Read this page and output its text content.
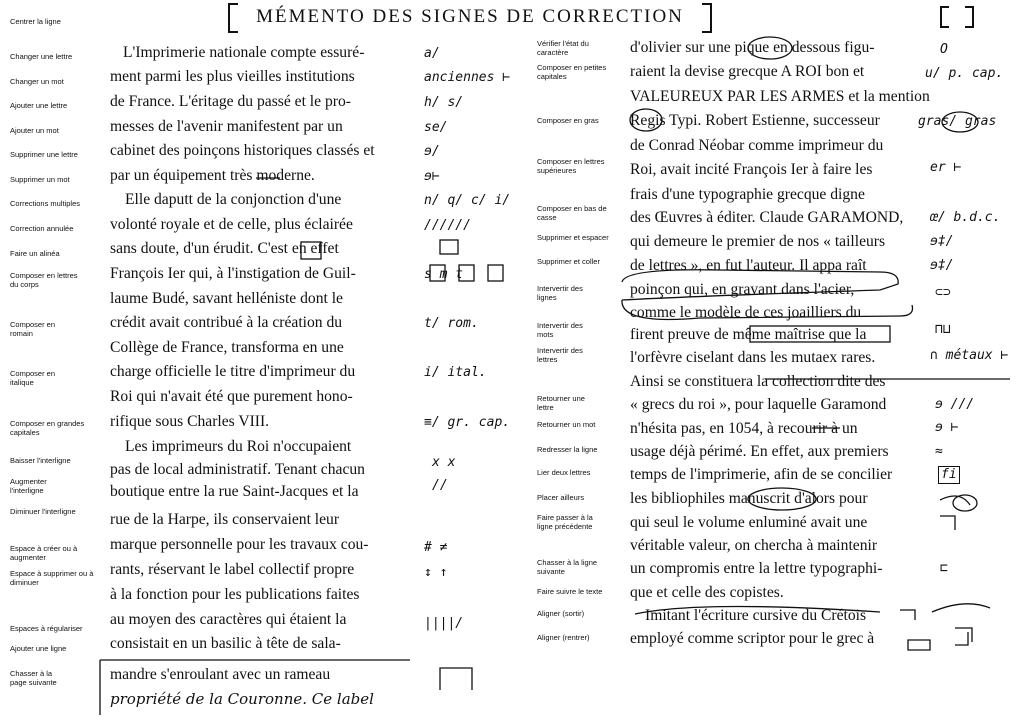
MÉMENTO DES SIGNES DE CORRECTION
Centrer la ligne
Changer une lettre
Changer un mot
Ajouter une lettre
Ajouter un mot
Supprimer une lettre
Supprimer un mot
Corrections multiples
Correction annulée
Faire un alinéa
Composer en lettres du corps
Composer en romain
Composer en italique
Composer en grandes capitales
Baisser l'interligne
Augmenter l'interligne
Diminuer l'interligne
Espace à créer ou à augmenter
Espace à supprimer ou à diminuer
Espaces à régulariser
Ajouter une ligne
Chasser à la page suivante
L'Imprimerie nationale compte essuré-
ment parmi les plus vieilles institutions
de France. L'éritage du passé et le pro-
messes de l'avenir manifestent par un
cabinet des poinçons historiques classés et
par un équipement très moderne.
Elle daputt de la conjonction d'une
volonté royale et de celle, plus éclairée
sans doute, d'un érudit. C'est en effet
François Ier qui, à l'instigation de Guil-
laume Budé, savant helléniste dont le
crédit avait contribué à la création du
Collège de France, transforma en une
charge officielle le titre d'imprimeur du
Roi qui n'avait été que purement hono-
rifique sous Charles VIII.
Les imprimeurs du Roi n'occupaient
pas de local administratif. Tenant chacun
boutique entre la rue Saint-Jacques et la
rue de la Harpe, ils conservaient leur
marque personnelle pour les travaux cou-
rants, réservant le label collectif propre
à la fonction pour les publications faites
au moyen des caractères qui étaient la
consistait en un basilic à tête de sala-
mandre s'enroulant avec un rameau
propriété de la Couronne. Ce label
a/
anciennes ⊢
h/ s/
se/
ɘ/
ɘ⊢
n/ q/ c/ i/
//////
s m t
t/ rom.
i/ ital.
≡/ gr. cap.
x x
//
# ≠
↕ ↑
||||/
Vérifier l'état du caractère
Composer en petites capitales
Composer en gras
Composer en lettres supérieures
Composer en bas de casse
Supprimer et espacer
Supprimer et coller
Intervertir des lignes
Intervertir des mots
Intervertir des lettres
Retourner une lettre
Retourner un mot
Redresser la ligne
Lier deux lettres
Placer ailleurs
Faire passer à la ligne précédente
Chasser à la ligne suivante
Faire suivre le texte
Aligner (sortir)
Aligner (rentrer)
d'olivier sur une pique en dessous figu-
raient la devise grecque A ROI bon et
VALEUREUX PAR LES ARMES et la mention
Regis Typi. Robert Estienne, successeur
de Conrad Néobar comme imprimeur du
Roi, avait incité François Ier à faire les
frais d'une typographie grecque digne
des Œuvres à éditer. Claude GARAMOND,
qui demeure le premier de nos « tailleurs
de lettres », en fut l'auteur. Il appa raît
poinçon qui, en gravant dans l'acier,
comme le modèle de ces joailliers du
firent preuve de même maîtrise que la
l'orfèvre ciselant dans les mutaex rares.
Ainsi se constituera la collection dite des
« grecs du roi », pour laquelle Garamond
n'hésita pas, en 1054, à recourir à un
usage déjà périmé. En effet, aux premiers
temps de l'imprimerie, afin de se concilier
les bibliophiles manuscrit d'alors pour
qui seul le volume enluminé avait une
véritable valeur, on chercha à maintenir
un compromis entre la lettre typographi-
que et celle des copistes.
Imitant l'écriture cursive du Crétois
employé comme scriptor pour le grec à
O
u/ p. cap.
gras/ gras
er ⊢
œ/ b.d.c.
ɘ‡/
ɘ‡/
⊂⊃
⊓⊔
∩ métaux ⊢
ɘ ///
ɘ ⊢
≈
fi
⊏
